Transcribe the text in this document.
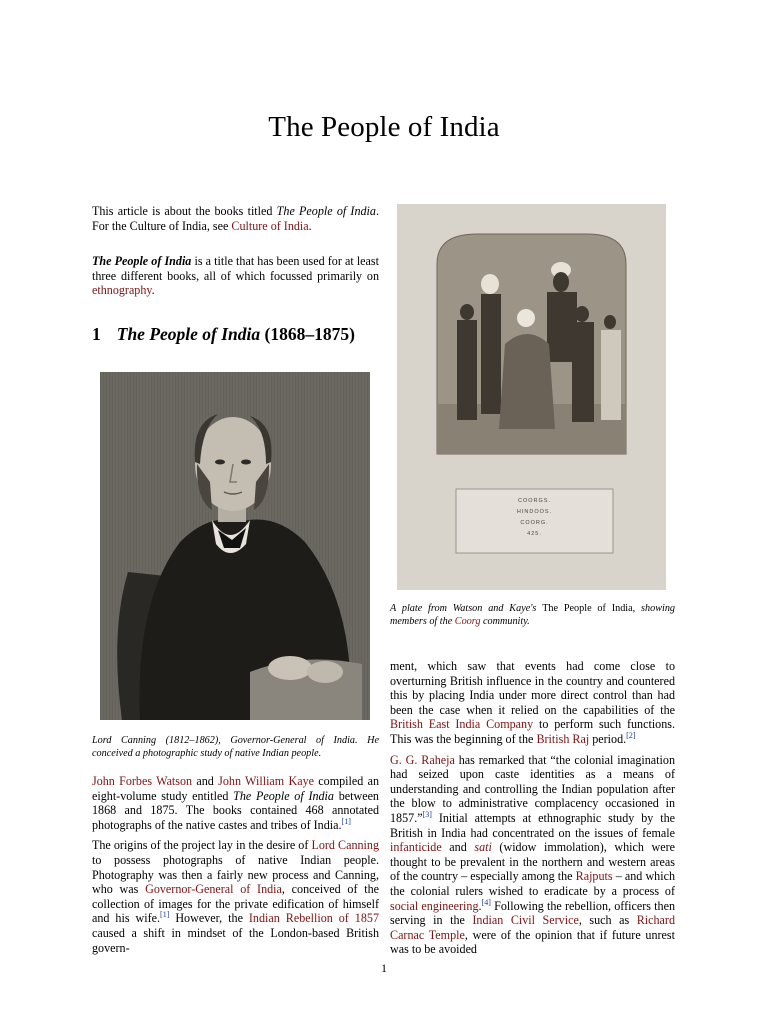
The People of India
This article is about the books titled The People of India. For the Culture of India, see Culture of India.
The People of India is a title that has been used for at least three different books, all of which focussed primarily on ethnography.
1 The People of India (1868–1875)
Lord Canning (1812–1862), Governor-General of India. He conceived a photographic study of native Indian people.

John Forbes Watson and John William Kaye compiled an eight-volume study entitled The People of India between 1868 and 1875. The books contained 468 annotated photographs of the native castes and tribes of India.[1]

The origins of the project lay in the desire of Lord Canning to possess photographs of native Indian people. Photography was then a fairly new process and Canning, who was Governor-General of India, conceived of the collection of images for the private edification of himself and his wife.[1] However, the Indian Rebellion of 1857 caused a shift in mindset of the London-based British govern-

COORGS.
HINDOOS.
COORG.
425.
A plate from Watson and Kaye's The People of India, showing members of the Coorg community.

ment, which saw that events had come close to overturning British influence in the country and countered this by placing India under more direct control than had been the case when it relied on the capabilities of the British East India Company to perform such functions. This was the beginning of the British Raj period.[2]

G. G. Raheja has remarked that “the colonial imagination had seized upon caste identities as a means of understanding and controlling the Indian population after the blow to administrative complacency occasioned in 1857.”[3] Initial attempts at ethnographic study by the British in India had concentrated on the issues of female infanticide and sati (widow immolation), which were thought to be prevalent in the northern and western areas of the country – especially among the Rajputs – and which the colonial rulers wished to eradicate by a process of social engineering.[4] Following the rebellion, officers then serving in the Indian Civil Service, such as Richard Carnac Temple, were of the opinion that if future unrest was to be avoided

1
